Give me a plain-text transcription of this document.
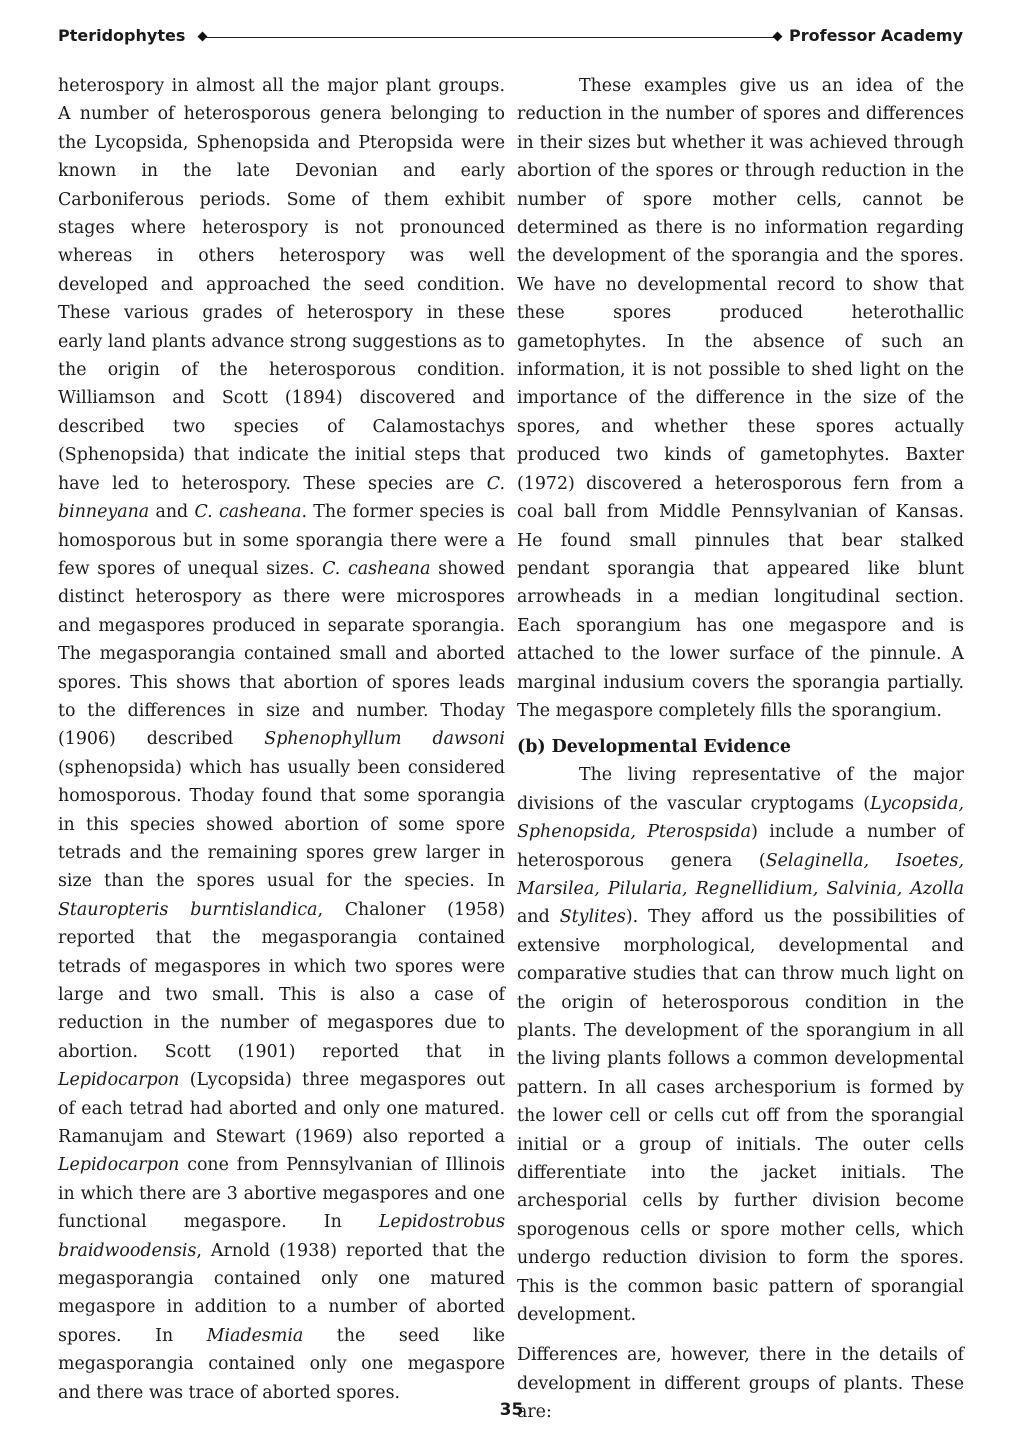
Pteridophytes	Professor Academy

heterospory in almost all the major plant groups. A number of heterosporous genera belonging to the Lycopsida, Sphenopsida and Pteropsida were known in the late Devonian and early Carboniferous periods. Some of them exhibit stages where heterospory is not pronounced whereas in others heterospory was well developed and approached the seed condition. These various grades of heterospory in these early land plants advance strong suggestions as to the origin of the heterosporous condition. Williamson and Scott (1894) discovered and described two species of Calamostachys (Sphenopsida) that indicate the initial steps that have led to heterospory. These species are C. binneyana and C. casheana. The former species is homosporous but in some sporangia there were a few spores of unequal sizes. C. casheana showed distinct heterospory as there were microspores and megaspores produced in separate sporangia. The megasporangia contained small and aborted spores. This shows that abortion of spores leads to the differences in size and number. Thoday (1906) described Sphenophyllum dawsoni (sphenopsida) which has usually been considered homosporous. Thoday found that some sporangia in this species showed abortion of some spore tetrads and the remaining spores grew larger in size than the spores usual for the species. In Stauropteris burntislandica, Chaloner (1958) reported that the megasporangia contained tetrads of megaspores in which two spores were large and two small. This is also a case of reduction in the number of megaspores due to abortion. Scott (1901) reported that in Lepidocarpon (Lycopsida) three megaspores out of each tetrad had aborted and only one matured. Ramanujam and Stewart (1969) also reported a Lepidocarpon cone from Pennsylvanian of Illinois in which there are 3 abortive megaspores and one functional megaspore. In Lepidostrobus braidwoodensis, Arnold (1938) reported that the megasporangia contained only one matured megaspore in addition to a number of aborted spores. In Miadesmia the seed like megasporangia contained only one megaspore and there was trace of aborted spores.

These examples give us an idea of the reduction in the number of spores and differences in their sizes but whether it was achieved through abortion of the spores or through reduction in the number of spore mother cells, cannot be determined as there is no information regarding the development of the sporangia and the spores. We have no developmental record to show that these spores produced heterothallic gametophytes. In the absence of such an information, it is not possible to shed light on the importance of the difference in the size of the spores, and whether these spores actually produced two kinds of gametophytes. Baxter (1972) discovered a heterosporous fern from a coal ball from Middle Pennsylvanian of Kansas. He found small pinnules that bear stalked pendant sporangia that appeared like blunt arrowheads in a median longitudinal section. Each sporangium has one megaspore and is attached to the lower surface of the pinnule. A marginal indusium covers the sporangia partially. The megaspore completely fills the sporangium.

(b) Developmental Evidence

The living representative of the major divisions of the vascular cryptogams (Lycopsida, Sphenopsida, Pterospsida) include a number of heterosporous genera (Selaginella, Isoetes, Marsilea, Pilularia, Regnellidium, Salvinia, Azolla and Stylites). They afford us the possibilities of extensive morphological, developmental and comparative studies that can throw much light on the origin of heterosporous condition in the plants. The development of the sporangium in all the living plants follows a common developmental pattern. In all cases archesporium is formed by the lower cell or cells cut off from the sporangial initial or a group of initials. The outer cells differentiate into the jacket initials. The archesporial cells by further division become sporogenous cells or spore mother cells, which undergo reduction division to form the spores. This is the common basic pattern of sporangial development.

Differences are, however, there in the details of development in different groups of plants. These are:

35
